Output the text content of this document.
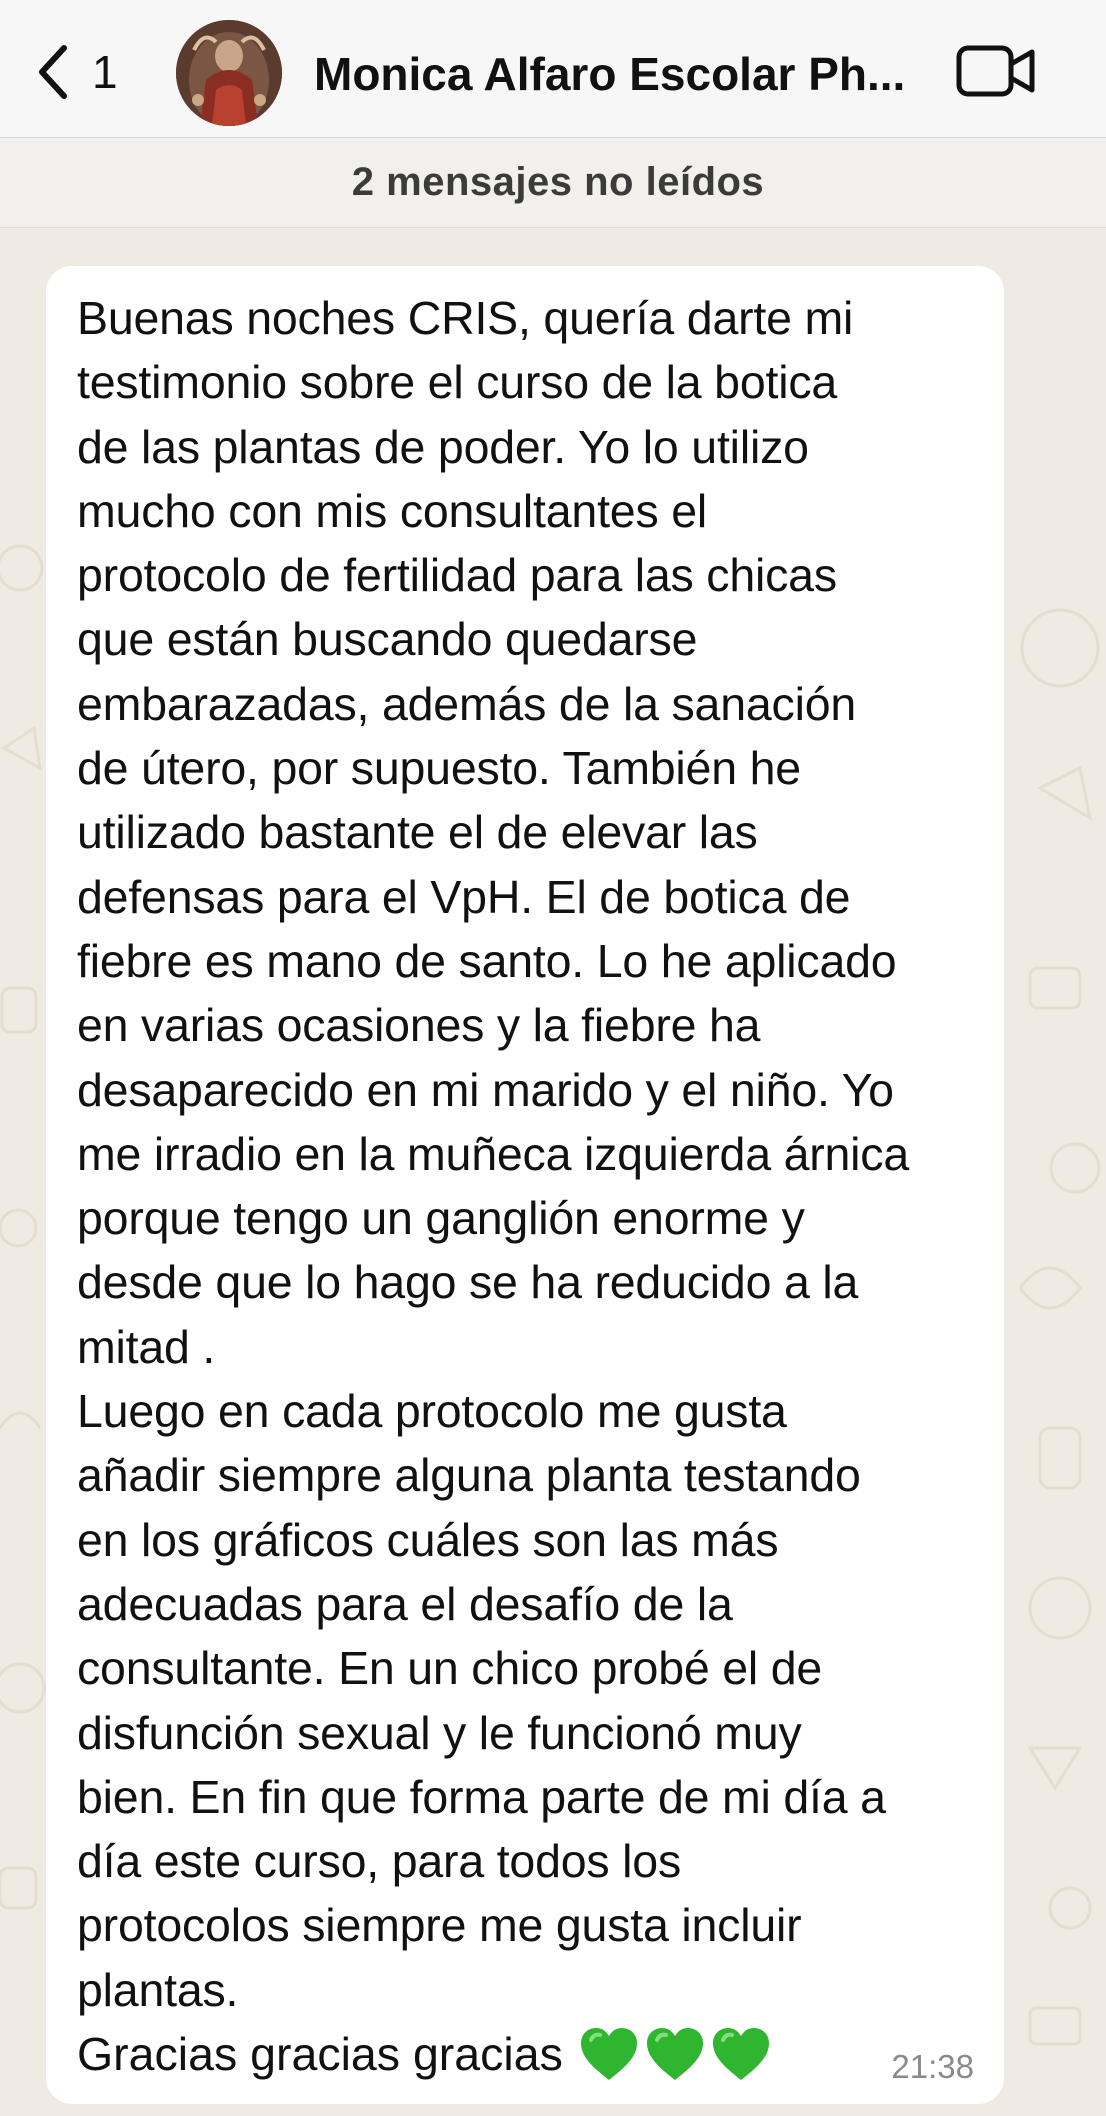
1	Monica Alfaro Escolar Ph...
2 mensajes no leídos

Buenas noches CRIS, quería darte mi
testimonio sobre el curso de la botica
de las plantas de poder. Yo lo utilizo
mucho con mis consultantes el
protocolo de fertilidad para las chicas
que están buscando quedarse
embarazadas, además de la sanación
de útero, por supuesto. También he
utilizado bastante el de elevar las
defensas para el VpH. El de botica de
fiebre es mano de santo. Lo he aplicado
en varias ocasiones y la fiebre ha
desaparecido en mi marido y el niño. Yo
me irradio en la muñeca izquierda árnica
porque tengo un ganglión enorme y
desde que lo hago se ha reducido a la
mitad .
Luego en cada protocolo me gusta
añadir siempre alguna planta testando
en los gráficos cuáles son las más
adecuadas para el desafío de la
consultante. En un chico probé el de
disfunción sexual y le funcionó muy
bien. En fin que forma parte de mi día a
día este curso, para todos los
protocolos siempre me gusta incluir
plantas.

Gracias gracias gracias	21:38
